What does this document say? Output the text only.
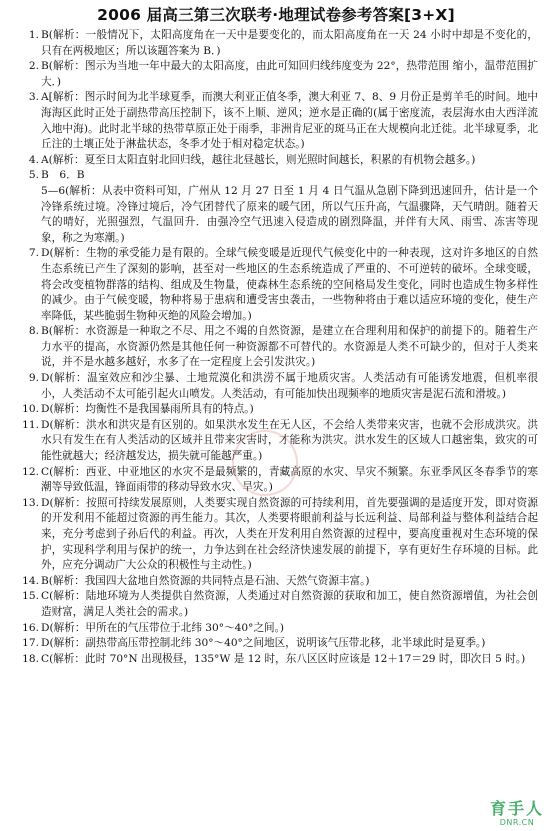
2006 届高三第三次联考·地理试卷参考答案[3+X]
1. B(解析：一般情况下，太阳高度角在一天中是要变化的，而太阳高度角在一天 24 小时中却是不变化的，只有在两极地区；所以该题答案为 B．)
2. B(解析：图示为当地一年中最大的太阳高度，由此可知回归线纬度变为 22°，热带范围 缩小，温带范围扩大．)
3. A[解析：图示时间为北半球夏季，而澳大利亚正值冬季，澳大利亚 7、8、9 月份正是剪羊毛的时间。地中海海区此时正处于副热带高压控制下，该不上顺、逆风；逆水是正确的(属于密度流，表层海水由大西洋流入地中海)。此时北半球的热带草原正处于雨季，非洲肯尼亚的斑马正在大规模向北迁徙。北半球夏季，北丘注的土壤正处于淋盐状态，冬季才处于相对稳定状态。)
4. A(解析：夏至日太阳直射北回归线，越往北昼越长，则光照时间越长，积累的有机物会越多。)
5. B　6．B
5—6(解析：从表中资料可知，广州从 12 月 27 日至 1 月 4 日气温从急剧下降到迅速回升，估计是一个冷锋系统过境。冷锋过境后，冷气团替代了原来的暖气团，所以气压升高，气温骤降，天气晴朗。随着天气的晴好，光照强烈，气温回升．由强冷空气迅速入侵造成的剧烈降温，并伴有大风、雨雪、冻害等现象，称之为寒潮。)
7. D(解析：生物的承受能力是有限的。全球气候变暖是近现代气候变化中的一种表现，这对许多地区的自然生态系统已产生了深刻的影响，甚至对一些地区的生态系统造成了严重的、不可逆转的破坏。全球变暖，将会改变植物群落的结构、组成及生物量，使森林生态系统的空间格局发生变化，同时也造成生物多样性的减少。由于气候变暖，物种将易于患病和遭受害虫袭击，一些物种将由于难以适应环境的变化，使生产率降低，某些脆弱生物种灭绝的风险会增加。)
8. B(解析：水资源是一种取之不尽、用之不竭的自然资源，是建立在合理利用和保护的前提下的。随着生产力水平的提高，水资源仍然是其他任何一种资源都不可替代的。水资源是人类不可缺少的，但对于人类来说，并不是水越多越好，水多了在一定程度上会引发洪灾。)
9. D(解析：温室效应和沙尘暴、土地荒漠化和洪涝不属于地质灾害。人类活动有可能诱发地震，但机率很小，人类活动不太可能引起火山喷发。人类活动，有可能加快出现频率的地质灾害是泥石流和滑坡。)
10. D(解析：均衡性不是我国暴雨所具有的特点。)
11. D(解析：洪水和洪灾是有区别的。如果洪水发生在无人区，不会给人类带来灾害，也就不会形成洪灾。洪水只有发生在有人类活动的区域并且带来灾害时，才能称为洪灾。洪水发生的区域人口越密集，致灾的可能性就越大；经济越发达，损失就可能越严重。)
12. C(解析：西亚、中亚地区的水灾不是最频繁的，青藏高原的水灾、旱灾不频繁。东亚季风区冬春季节的寒潮等导致低温，锋面雨带的移动导致水灾、旱灾。)
13. D(解析：按照可持续发展原则，人类要实现自然资源的可持续利用，首先要强调的是适度开发，即对资源的开发利用不能超过资源的再生能力。其次，人类要将眼前利益与长远利益、局部利益与整体利益结合起来，充分考虑到子孙后代的利益。再次，人类在开发利用自然资源的过程中，要高度重视对生态环境的保护，实现科学利用与保护的统一，力争达到在社会经济快速发展的前提下，享有更好生存环境的目标。此外，应充分调动广大公众的积极性与主动性。)
14. B(解析：我国四大盆地自然资源的共同特点是石油、天然气资源丰富。)
15. C(解析：陆地环境为人类提供自然资源，人类通过对自然资源的获取和加工，使自然资源增值，为社会创造财富，满足人类社会的需求。)
16. D(解析：甲所在的气压带位于北纬 30°～40°之间。)
17. D(解析：副热带高压带控制北纬 30°～40°之间地区，说明该气压带北移，北半球此时是夏季。)
18. C(解析：此时 70°N 出现极昼，135°W 是 12 时，东八区区时应该是 12＋17＝29 时，即次日 5 时。)
​
育手人
DNR.CN
